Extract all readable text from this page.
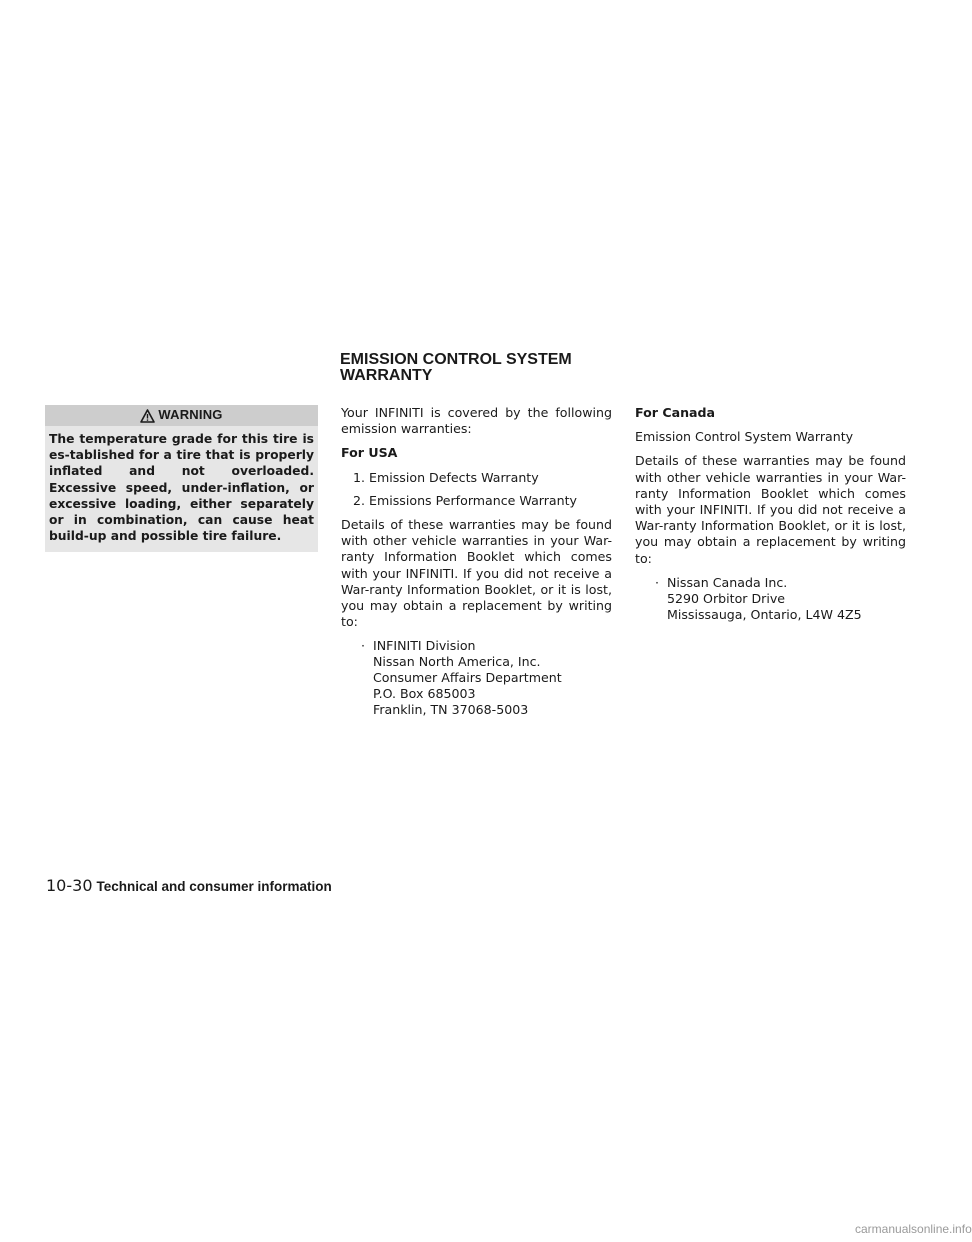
WARNING
The temperature grade for this tire is es-tablished for a tire that is properly inflated and not overloaded. Excessive speed, under-inflation, or excessive loading, either separately or in combination, can cause heat build-up and possible tire failure.
EMISSION CONTROL SYSTEM
WARRANTY

Your INFINITI is covered by the following emission warranties:

For USA

1. Emission Defects Warranty
2. Emissions Performance Warranty

Details of these warranties may be found with other vehicle warranties in your War-ranty Information Booklet which comes with your INFINITI. If you did not receive a War-ranty Information Booklet, or it is lost, you may obtain a replacement by writing to:

· INFINITI Division
Nissan North America, Inc.
Consumer Affairs Department
P.O. Box 685003
Franklin, TN 37068-5003

For Canada

Emission Control System Warranty

Details of these warranties may be found with other vehicle warranties in your War-ranty Information Booklet which comes with your INFINITI. If you did not receive a War-ranty Information Booklet, or it is lost, you may obtain a replacement by writing to:

· Nissan Canada Inc.
5290 Orbitor Drive
Mississauga, Ontario, L4W 4Z5
10-30 Technical and consumer information
carmanualsonline.info
